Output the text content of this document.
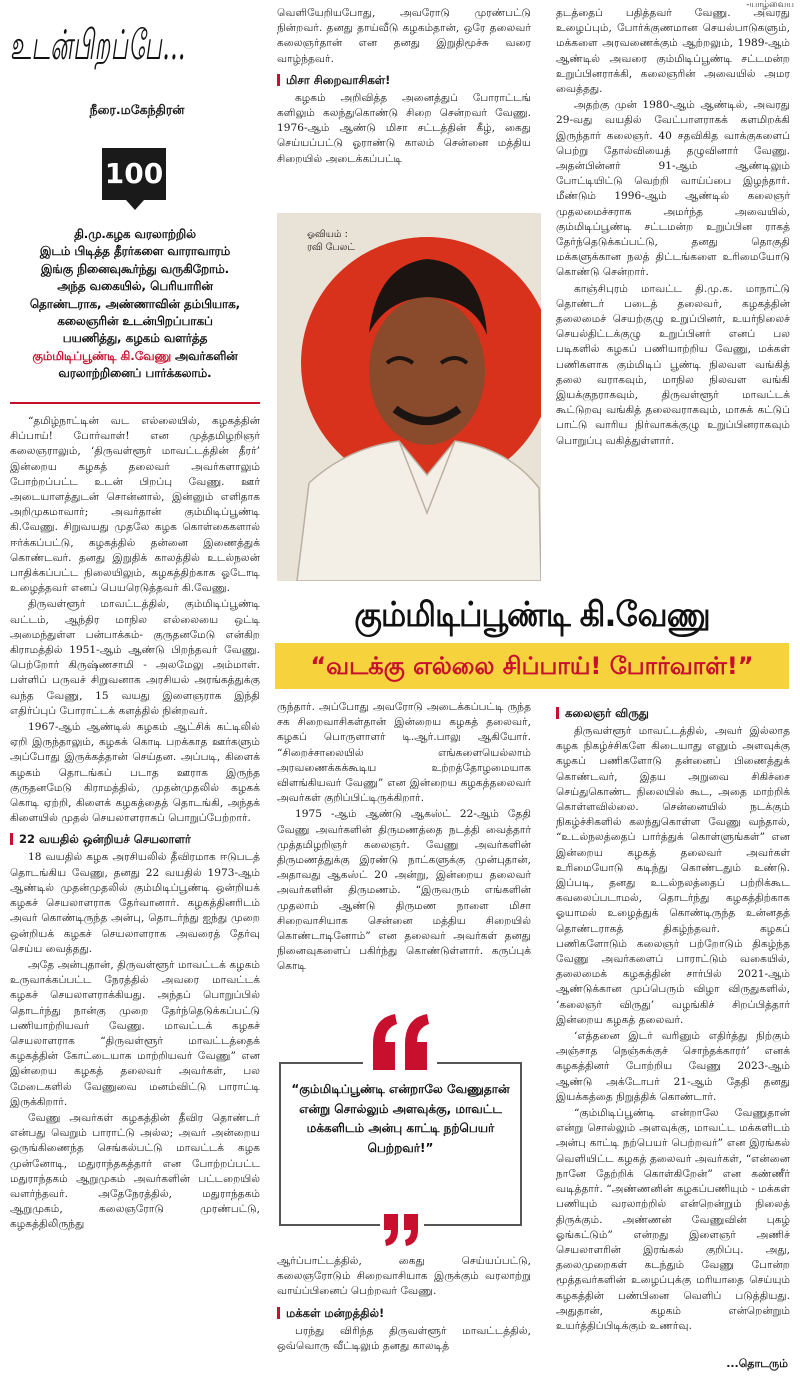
-யாழ்வைய
உடன்பிறப்பே...
நீரை.மகேந்திரன்
100
தி.மு.கழக வரலாற்றில்
இடம் பிடித்த தீரர்களை வாராவாரம்
இங்கு நினைவுகூர்ந்து வருகிறோம்.
அந்த வகையில், பெரியாரின்
தொண்டராக, அண்ணாவின் தம்பியாக,
கலைஞரின் உடன்பிறப்பாகப்
பயணித்து, கழகம் வளர்த்த
கும்மிடிப்பூண்டி கி.வேணு அவர்களின்
வரலாற்றினைப் பார்க்கலாம்.

“தமிழ்நாட்டின் வட எல்லையில், கழகத்தின் சிப்பாய்! போர்வாள்! என முத்தமிழறிஞர் கலைஞராலும், ‘திருவள்ளூர் மாவட்டத்தின் தீரர்’ இன்றைய கழகத் தலைவர் அவர்களாலும் போற்றப்பட்ட உடன் பிறப்பு வேணு. ஊர் அடையாளத்துடன் சொன்னால், இன்னும் எளிதாக அறிமுகமாவார்; அவர்தான் கும்மிடிப்பூண்டி கி.வேணு. சிறுவயது முதலே கழக கொள்கைகளால் ஈர்க்கப்பட்டு, கழகத்தில் தன்னை இணைத்துக் கொண்டவர். தனது இறுதிக் காலத்தில் உடல்நலன் பாதிக்கப்பட்ட நிலையிலும், கழகத்திற்காக ஓடோடி உழைத்தவர் எனப் பெயரெடுத்தவர் கி.வேணு.

திருவள்ளூர் மாவட்டத்தில், கும்மிடிப்பூண்டி வட்டம், ஆந்திர மாநில எல்லையை ஒட்டி அமைந்துள்ள பன்பாக்கம்- குருதனமேடு என்கிற கிராமத்தில் 1951-ஆம் ஆண்டு பிறந்தவர் வேணு. பெற்றோர் கிருஷ்ணசாமி - அலமேலு அம்மாள். பள்ளிப் பருவச் சிறுவனாக அரசியல் அரங்கத்துக்கு வந்த வேணு, 15 வயது இளைஞராக இந்தி எதிர்ப்புப் போராட்டக் களத்தில் நின்றவர்.

1967-ஆம் ஆண்டில் கழகம் ஆட்சிக் கட்டிலில் ஏறி இருந்தாலும், கழகக் கொடி பறக்காத ஊர்களும் அப்போது இருக்கத்தான் செய்தன. அப்படி, கிளைக் கழகம் தொடங்கப் படாத ஊராக இருந்த குருதனமேடு கிராமத்தில், முதன்முதலில் கழகக் கொடி ஏற்றி, கிளைக் கழகத்தைத் தொடங்கி, அந்தக் கிளையில் முதல் செயலாளராகப் பொறுப்பேற்றார்.

22 வயதில் ஒன்றியச் செயலாளர்

18 வயதில் கழக அரசியலில் தீவிரமாக ஈடுபடத் தொடங்கிய வேணு, தனது 22 வயதில் 1973-ஆம் ஆண்டில் முதன்முதலில் கும்மிடிப்பூண்டி ஒன்றியக் கழகச் செயலாளராக தேர்வானார். கழகத்தினரிடம் அவர் கொண்டிருந்த அன்பு, தொடர்ந்து ஐந்து முறை ஒன்றியக் கழகச் செயலாளராக அவரைத் தேர்வு செய்ய வைத்தது.

அதே அன்புதான், திருவள்ளூர் மாவட்டக் கழகம் உருவாக்கப்பட்ட நேரத்தில் அவரை மாவட்டக் கழகச் செயலாளராக்கியது. அந்தப் பொறுப்பில் தொடர்ந்து நான்கு முறை தேர்ந்தெடுக்கப்பட்டு பணியாற்றியவர் வேணு. மாவட்டக் கழகச் செயலாளராக “திருவள்ளூர் மாவட்டத்தைக் கழகத்தின் கோட்டையாக மாற்றியவர் வேணு” என இன்றைய கழகத் தலைவர் அவர்கள், பல மேடைகளில் வேணுவை மனம்விட்டு பாராட்டி இருக்கிறார்.

வேணு அவர்கள் கழகத்தின் தீவிர தொண்டர் என்பது வெறும் பாராட்டு அல்ல; அவர் அன்றைய ஒருங்கிணைந்த செங்கல்பட்டு மாவட்டக் கழக முன்னோடி, மதுராந்தகத்தார் என போற்றப்பட்ட மதுராந்தகம் ஆறுமுகம் அவர்களின் பட்டறையில் வளர்ந்தவர். அதேநேரத்தில், மதுராந்தகம் ஆறுமுகம், கலைஞரோடு முரண்பட்டு, கழகத்திலிருந்து

வெளியேறியபோது, அவரோடு முரண்பட்டு நின்றவர். தனது தாய்வீடு கழகம்தான், ஒரே தலைவர் கலைஞர்தான் என தனது இறுதிமூச்சு வரை வாழ்ந்தவர்.

மிசா சிறைவாசிகள்!

கழகம் அறிவித்த அனைத்துப் போராட்டங் களிலும் கலந்துகொண்டு சிறை சென்றவர் வேணு. 1976-ஆம் ஆண்டு மிசா சட்டத்தின் கீழ், கைது செய்யப்பட்டு ஓராண்டு காலம் சென்னை மத்திய சிறையில் அடைக்கப்பட்டி

ஓவியம் :
ரவி பேலட்

தடத்தைப் பதித்தவர் வேணு. அவரது உழைப்பும், போர்க்குணமான செயல்பாடுகளும், மக்களை அரவணைக்கும் ஆற்றலும், 1989-ஆம் ஆண்டில் அவரை கும்மிடிப்பூண்டி சட்டமன்ற உறுப்பினராக்கி, கலைஞரின் அவையில் அமர வைத்தது.

அதற்கு முன் 1980-ஆம் ஆண்டில், அவரது 29-வது வயதில் வேட்பாளராகக் களமிறக்கி இருந்தார் கலைஞர். 40 சதவிகித வாக்குகளைப் பெற்று தோல்வியைத் தழுவினார் வேணு. அதன்பின்னர் 91-ஆம் ஆண்டிலும் போட்டியிட்டு வெற்றி வாய்ப்பை இழந்தார். மீண்டும் 1996-ஆம் ஆண்டில் கலைஞர் முதலமைச்சராக அமர்ந்த அவையில், கும்மிடிப்பூண்டி சட்டமன்ற உறுப்பின ராகத் தேர்ந்தெடுக்கப்பட்டு, தனது தொகுதி மக்களுக்கான நலத் திட்டங்களை உரிமையோடு கொண்டு சென்றார்.

காஞ்சிபுரம் மாவட்ட தி.மு.க. மாநாட்டு தொண்டர் படைத் தலைவர், கழகத்தின் தலைமைச் செயற்குழு உறுப்பினர், உயர்நிலைச் செயல்திட்டக்குழு உறுப்பினர் எனப் பல படிகளில் கழகப் பணியாற்றிய வேணு, மக்கள் பணிகளாக கும்மிடிப் பூண்டி நிலவள வங்கித் தலை வராகவும், மாநில நிலவள வங்கி இயக்குநராகவும், திருவள்ளூர் மாவட்டக் கூட்டுறவு வங்கித் தலைவராகவும், மாசுக் கட்டுப் பாட்டு வாரிய நிர்வாகக்குழு உறுப்பினராகவும் பொறுப்பு வகித்துள்ளார்.

கும்மிடிப்பூண்டி கி.வேணு
“வடக்கு எல்லை சிப்பாய்! போர்வாள்!”

ருந்தார். அப்போது அவரோடு அடைக்கப்பட்டி ருந்த சக சிறைவாசிகள்தான் இன்றைய கழகத் தலைவர், கழகப் பொருளாளர் டி.ஆர்.பாலு ஆகியோர். “சிறைச்சாலையில் எங்களையெல்லாம் அரவணைக்கக்கூடிய உற்றத்தோழமையாக விளங்கியவர் வேணு” என இன்றைய கழகத்தலைவர் அவர்கள் குறிப்பிட்டிருக்கிறார்.

1975 -ஆம் ஆண்டு ஆகஸ்ட் 22-ஆம் தேதி வேணு அவர்களின் திருமணத்தை நடத்தி வைத்தார் முத்தமிழறிஞர் கலைஞர். வேணு அவர்களின் திருமணத்துக்கு இரண்டு நாட்களுக்கு முன்புதான், அதாவது ஆகஸ்ட் 20 அன்று, இன்றைய தலைவர் அவர்களின் திருமணம். “இருவரும் எங்களின் முதலாம் ஆண்டு திருமண நாளை மிசா சிறைவாசியாக சென்னை மத்திய சிறையில் கொண்டாடினோம்” என தலைவர் அவர்கள் தனது நினைவுகளைப் பகிர்ந்து கொண்டுள்ளார். கருப்புக் கொடி

“கும்மிடிப்பூண்டி என்றாலே வேணுதான் என்று சொல்லும் அளவுக்கு, மாவட்ட மக்களிடம் அன்பு காட்டி நற்பெயர் பெற்றவர்!”

ஆர்ப்பாட்டத்தில், கைது செய்யப்பட்டு, கலைஞரோடும் சிறைவாசியாக இருக்கும் வரலாற்று வாய்ப்பினைப் பெற்றவர் வேணு.

மக்கள் மன்றத்தில்!

பரந்து விரிந்த திருவள்ளூர் மாவட்டத்தில், ஒவ்வொரு வீட்டிலும் தனது காலடித்

கலைஞர் விருது

திருவள்ளூர் மாவட்டத்தில், அவர் இல்லாத கழக நிகழ்ச்சிகளே கிடையாது எனும் அளவுக்கு கழகப் பணிகளோடு தன்னைப் பிணைத்துக் கொண்டவர், இதய அறுவை சிகிச்சை செய்துகொண்ட நிலையில் கூட, அதை மாற்றிக் கொள்ளவில்லை. சென்னையில் நடக்கும் நிகழ்ச்சிகளில் கலந்துகொள்ள வேணு வந்தால், “உடல்நலத்தைப் பார்த்துக் கொள்ளுங்கள்” என இன்றைய கழகத் தலைவர் அவர்கள் உரிமையோடு கடிந்து கொண்டதும் உண்டு. இப்படி, தனது உடல்நலத்தைப் பற்றிக்கூட கவலைப்படாமல், தொடர்ந்து கழகத்திற்காக ஓயாமல் உழைத்துக் கொண்டிருந்த உன்னதத் தொண்டராகத் திகழ்ந்தவர். கழகப் பணிகளோடும் கலைஞர் பற்றோடும் திகழ்ந்த வேணு அவர்களைப் பாராட்டும் வகையில், தலைமைக் கழகத்தின் சார்பில் 2021-ஆம் ஆண்டுக்கான முப்பெரும் விழா விருதுகளில், ‘கலைஞர் விருது’ வழங்கிச் சிறப்பித்தார் இன்றைய கழகத் தலைவர்.

‘எத்தனை இடர் வரினும் எதிர்த்து நிற்கும் அஞ்சாத நெஞ்சுக்குச் சொந்தக்காரர்’ எனக் கழகத்தினர் போற்றிய வேணு 2023-ஆம் ஆண்டு அக்டோபர் 21-ஆம் தேதி தனது இயக்கத்தை நிறுத்திக் கொண்டார்.

“கும்மிடிப்பூண்டி என்றாலே வேணுதான் என்று சொல்லும் அளவுக்கு, மாவட்ட மக்களிடம் அன்பு காட்டி நற்பெயர் பெற்றவர்” என இரங்கல் வெளியிட்ட கழகத் தலைவர் அவர்கள், “என்னை நானே தேற்றிக் கொள்கிறேன்” என கண்ணீர் வடித்தார். “அண்ணனின் கழகப்பணியும் - மக்கள் பணியும் வரலாற்றில் என்றென்றும் நிலைத் திருக்கும். அண்ணன் வேணுவின் புகழ் ஓங்கட்டும்” என்றது இளைஞர் அணிச் செயலாளரின் இரங்கல் குறிப்பு. அது, தலைமுறைகள் கடந்தும் வேணு போன்ற மூத்தவர்களின் உழைப்புக்கு மரியாதை செய்யும் கழகத்தின் பண்பினை வெளிப் படுத்தியது. அதுதான், கழகம் என்றென்றும் உயர்த்திப்பிடிக்கும் உணர்வு.

...தொடரும்
